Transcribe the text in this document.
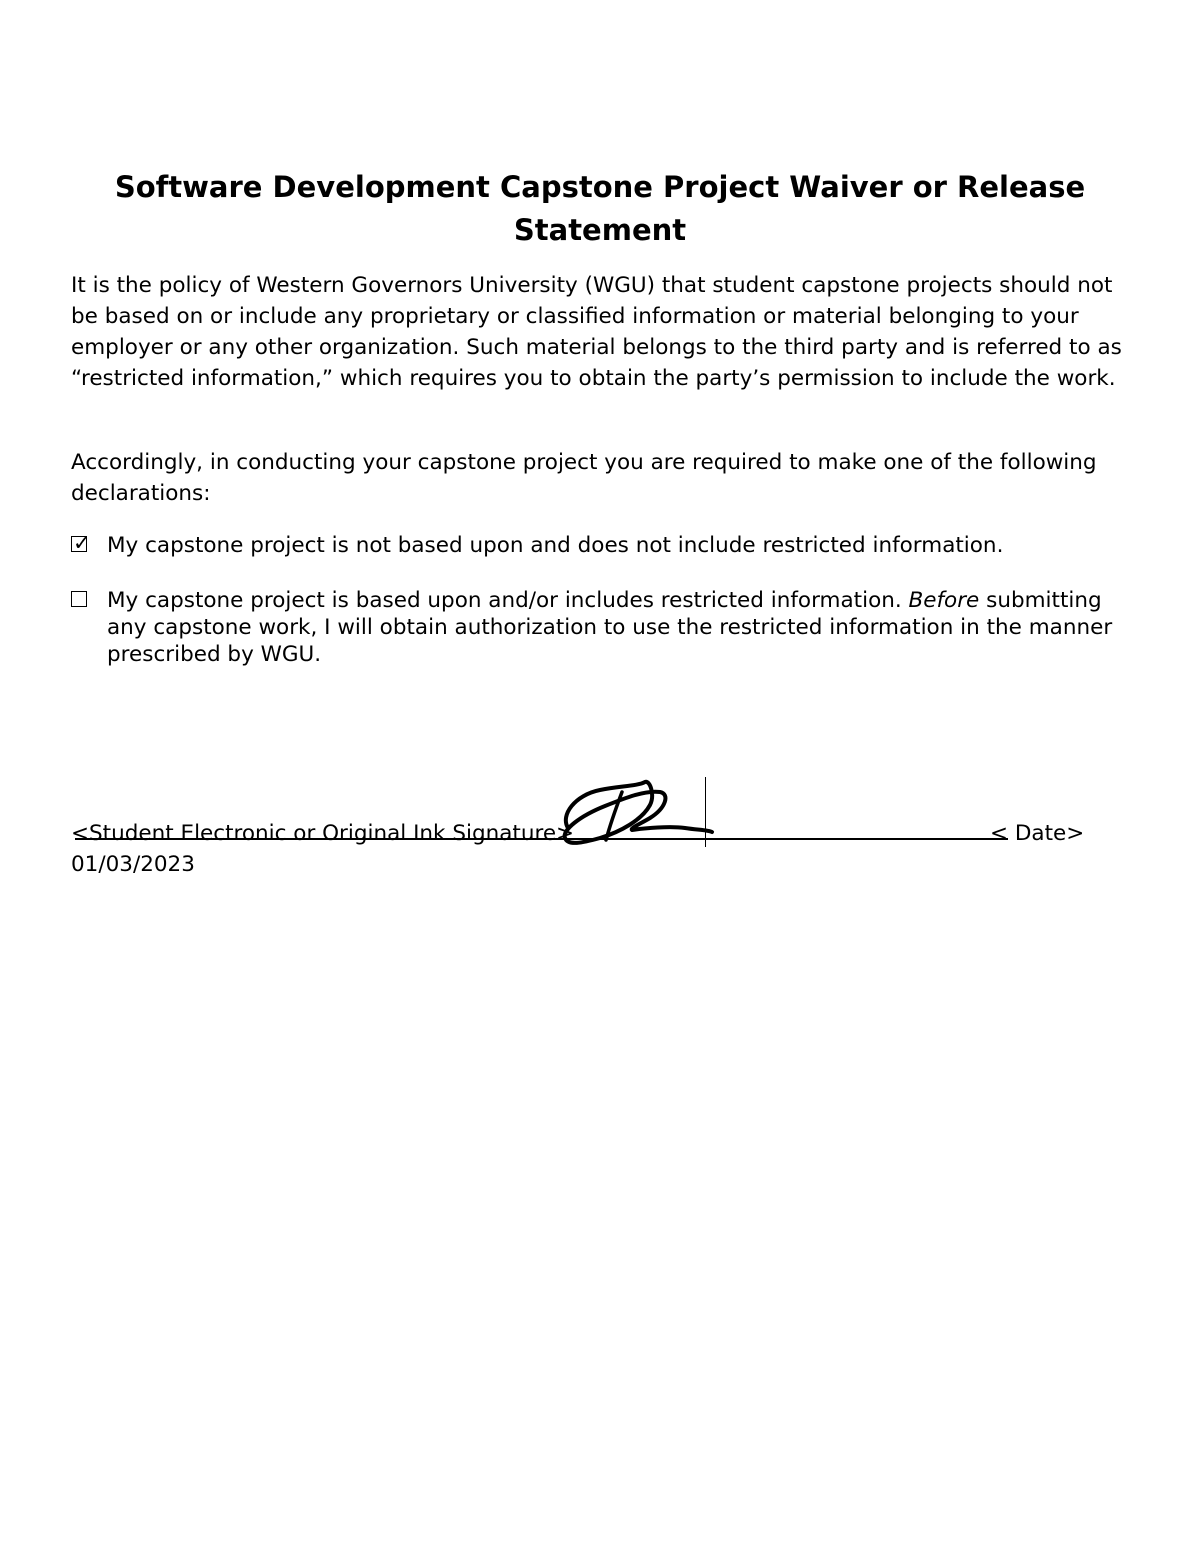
Software Development Capstone Project Waiver or Release Statement

It is the policy of Western Governors University (WGU) that student capstone projects should not be based on or include any proprietary or classified information or material belonging to your employer or any other organization. Such material belongs to the third party and is referred to as “restricted information,” which requires you to obtain the party’s permission to include the work.

Accordingly, in conducting your capstone project you are required to make one of the following declarations:

✓ My capstone project is not based upon and does not include restricted information.
My capstone project is based upon and/or includes restricted information. Before submitting any capstone work, I will obtain authorization to use the restricted information in the manner prescribed by WGU.
<Student Electronic or Original Ink Signature>	< Date>
01/03/2023
